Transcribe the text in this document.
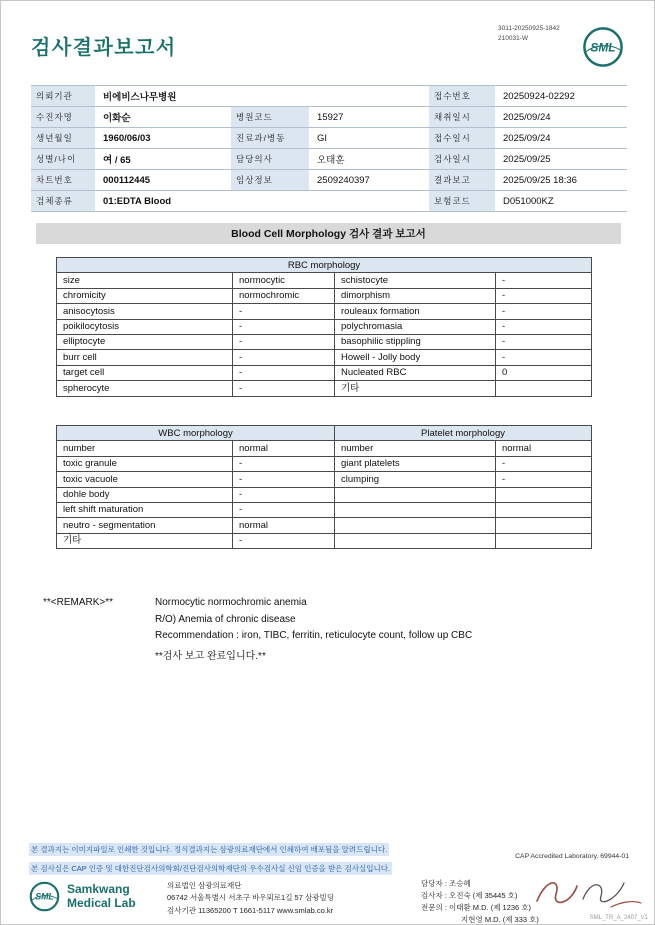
검사결과보고서
3011-20250925-1842
210031-W
SML
의뢰기관	비에비스나무병원	접수번호	20250924-02292
수진자명	이화순	병원코드	15927	채취일시	2025/09/24
생년월일	1960/06/03	진료과/병동	GI	접수일시	2025/09/24
성별/나이	여 / 65	담당의사	오태훈	검사일시	2025/09/25
차트번호	000112445	임상정보	2509240397	결과보고	2025/09/25 18:36
검체종류	01:EDTA Blood	보험코드	D051000KZ
Blood Cell Morphology 검사 결과 보고서
RBC morphology			
size	normocytic	schistocyte	-
chromicity	normochromic	dimorphism	-
anisocytosis	-	rouleaux formation	-
poikilocytosis	-	polychromasia	-
elliptocyte	-	basophilic stippling	-
burr cell	-	Howell - Jolly body	-
target cell	-	Nucleated RBC	0
spherocyte	-	기타	
WBC morphology		Platelet morphology	
number	normal	number	normal
toxic granule	-	giant platelets	-
toxic vacuole	-	clumping	-
dohle body	-		
left shift maturation	-		
neutro - segmentation	normal		
기타	-		
**<REMARK>**	Normocytic normochromic anemia
R/O) Anemia of chronic disease
Recommendation : iron, TIBC, ferritin, reticulocyte count, follow up CBC
**검사 보고 완료입니다.**
CAP Accredited Laboratory. 69944-01
본 결과지는 이미지파일로 인쇄한 것입니다. 정식결과지는 삼광의료재단에서 인쇄하여 배포됨을 알려드립니다.
본 검사실은 CAP 인증 및 대한진단검사의학회/진단검사의학재단의 우수검사실 신임 인증을 받은 검사실입니다.
SML
Samkwang
Medical Lab
의료법인 삼광의료재단
06742 서울특별시 서초구 바우뫼로1길 57 삼광빌딩
검사기관 11365200 T 1661-5117 www.smlab.co.kr
담당자 : 조승혜
검사자 : 오진숙 (제 35445 호)
전문의 : 이태환 M.D. (제 1236 호)
지현영 M.D. (제 333 호)	SML_TR_A_2407_V1
